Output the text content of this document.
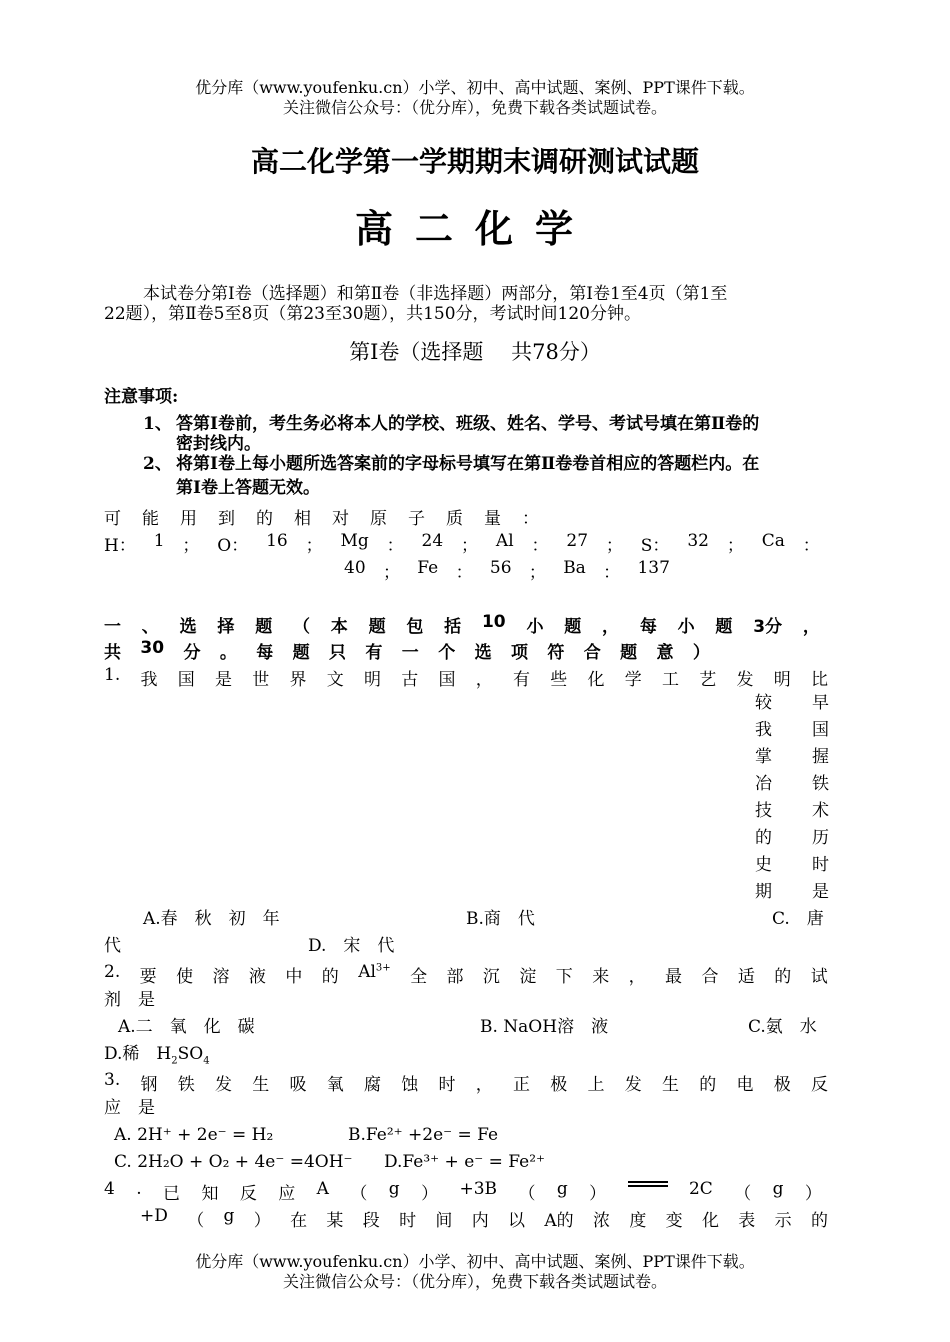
优分库（www.youfenku.cn）小学、初中、高中试题、案例、PPT课件下载。
关注微信公众号：（优分库），免费下载各类试题试卷。
高二化学第一学期期末调研测试试题
高二化学
本试卷分第Ⅰ卷（选择题）和第Ⅱ卷（非选择题）两部分，第Ⅰ卷1至4页（第1至
22题），第Ⅱ卷5至8页（第23至30题），共150分，考试时间120分钟。
第Ⅰ卷（选择题　 共78分）
注意事项:
1、 答第Ⅰ卷前，考生务必将本人的学校、班级、姓名、学号、考试号填在第Ⅱ卷的
密封线内。
2、 将第Ⅰ卷上每小题所选答案前的字母标号填写在第Ⅱ卷卷首相应的答题栏内。在
第Ⅰ卷上答题无效。
可能用到的相对原子质量：
H： 1 ； O： 16 ； Mg ： 24 ； Al ： 27 ； S： 32 ； Ca ：
40 ； Fe ： 56 ； Ba ： 137
一 、 选 择 题 （ 本 题 包 括 10 小 题 ， 每 小 题 3分 ，
共 30 分 。 每 题 只 有 一 个 选 项 符 合 题 意 ）
1. 我 国 是 世 界 文 明 古 国 ， 有 些 化 学 工 艺 发 明 比
较 早
我 国
掌 握
冶 铁
技 术
的 历
史 时
期 是
A.春　秋　初　年	B.商　代	C.　唐
代	D.　宋　代
2. 要 使 溶 液 中 的 $Al^{3+}$ 全 部 沉 淀 下 来 ， 最 合 适 的 试
剂　是
A.二　氧　化　碳	B. NaOH溶　液	C.氨　水
D.稀　$H_2SO_4$
3. 钢 铁 发 生 吸 氧 腐 蚀 时 ， 正 极 上 发 生 的 电 极 反
应　是
A. 2H⁺ + 2e⁻ = H₂	B.Fe²⁺ +2e⁻ = Fe
C. 2H₂O + O₂ + 4e⁻ =4OH⁻ D.Fe³⁺ + e⁻ = Fe²⁺
4 . 已 知 反 应 A （ g ） +3B （ g ）	2C （ g ）
+D （ g ） 在 某 段 时 间 内 以 A的 浓 度 变 化 表 示 的
优分库（www.youfenku.cn）小学、初中、高中试题、案例、PPT课件下载。
关注微信公众号：（优分库），免费下载各类试题试卷。
